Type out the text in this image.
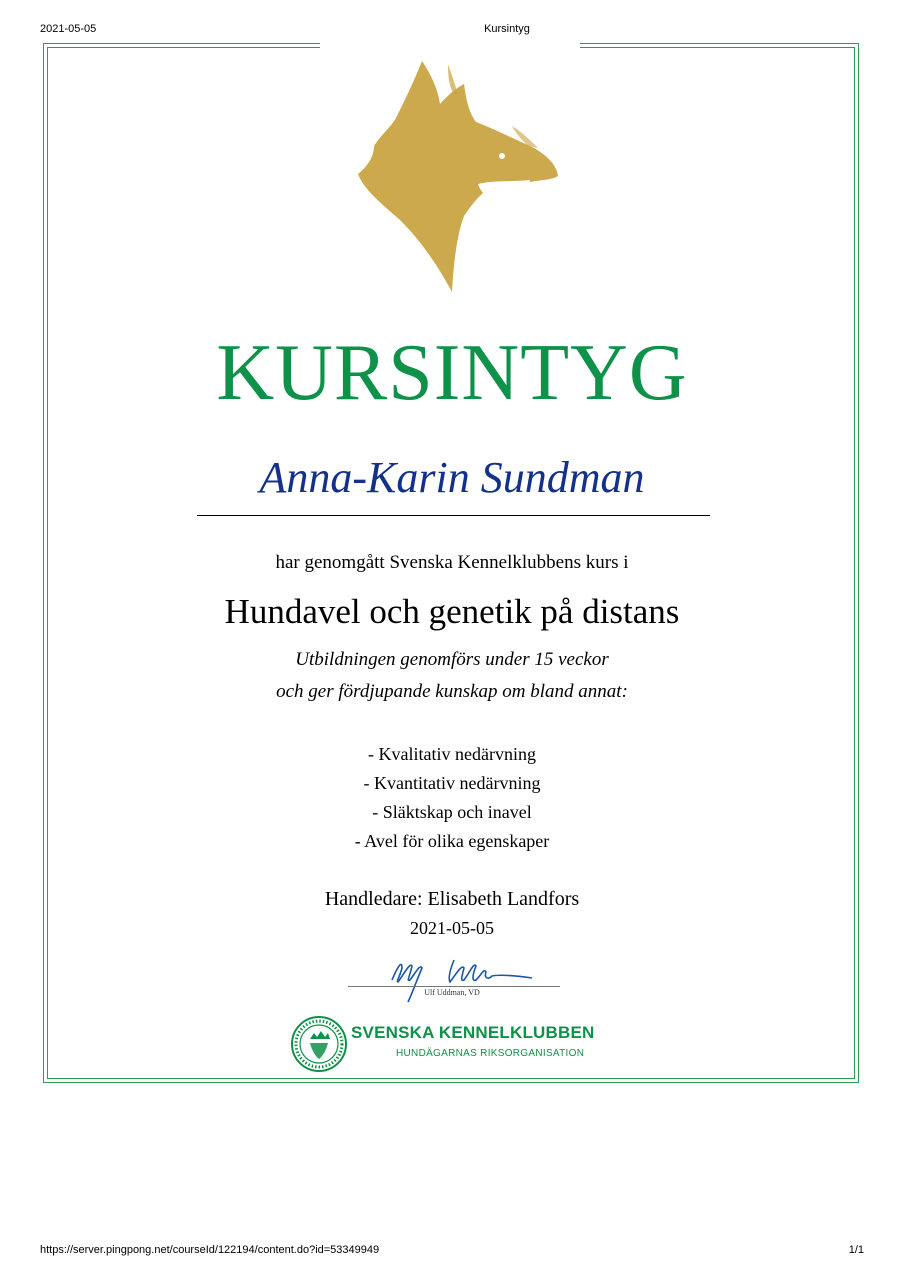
2021-05-05	Kursintyg
KURSINTYG
Anna-Karin Sundman
har genomgått Svenska Kennelklubbens kurs i
Hundavel och genetik på distans
Utbildningen genomförs under 15 veckor
och ger fördjupande kunskap om bland annat:
- Kvalitativ nedärvning
- Kvantitativ nedärvning
- Släktskap och inavel
- Avel för olika egenskaper
Handledare: Elisabeth Landfors
2021-05-05
Ulf Uddman, VD
SVENSKA KENNELKLUBBEN
HUNDÄGARNAS RIKSORGANISATION
https://server.pingpong.net/courseId/122194/content.do?id=53349949	1/1
